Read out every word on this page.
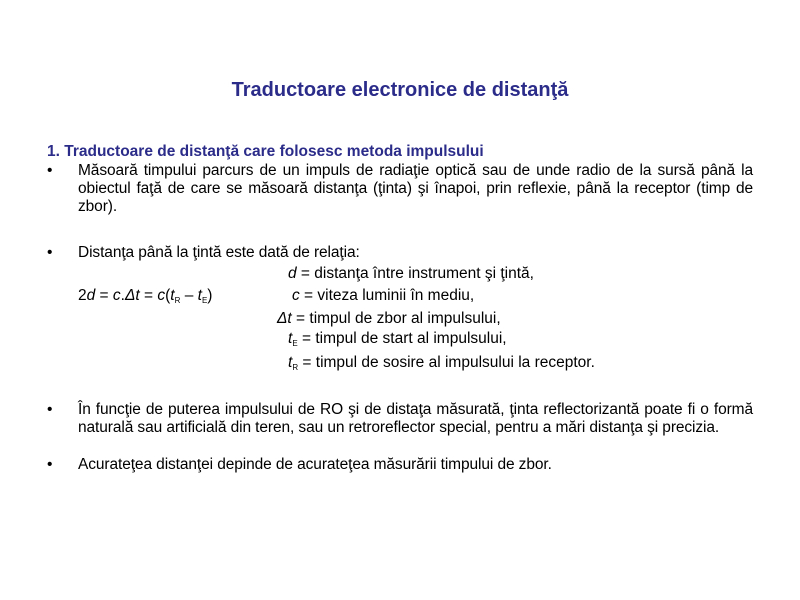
Traductoare electronice de distanţă
1. Traductoare de distanţă care folosesc metoda impulsului
•	Măsoară timpului parcurs de un impuls de radiaţie optică sau de unde radio de la sursă până la obiectul faţă de care se măsoară distanţa (ţinta) şi înapoi, prin reflexie, până la receptor (timp de zbor).
•	Distanţa până la ţintă este dată de relaţia:
d = distanţa între instrument şi ţintă,
$2d = c.\Delta t = c(t_R - t_E)$	c = viteza luminii în mediu,
Δt = timpul de zbor al impulsului,
$t_E$ = timpul de start al impulsului,
$t_R$ = timpul de sosire al impulsului la receptor.
•	În funcţie de puterea impulsului de RO şi de distaţa măsurată, ţinta reflectorizantă poate fi o formă naturală sau artificială din teren, sau un retroreflector special, pentru a mări distanţa şi precizia.
•	Acurateţea distanţei depinde de acurateţea măsurării timpului de zbor.
